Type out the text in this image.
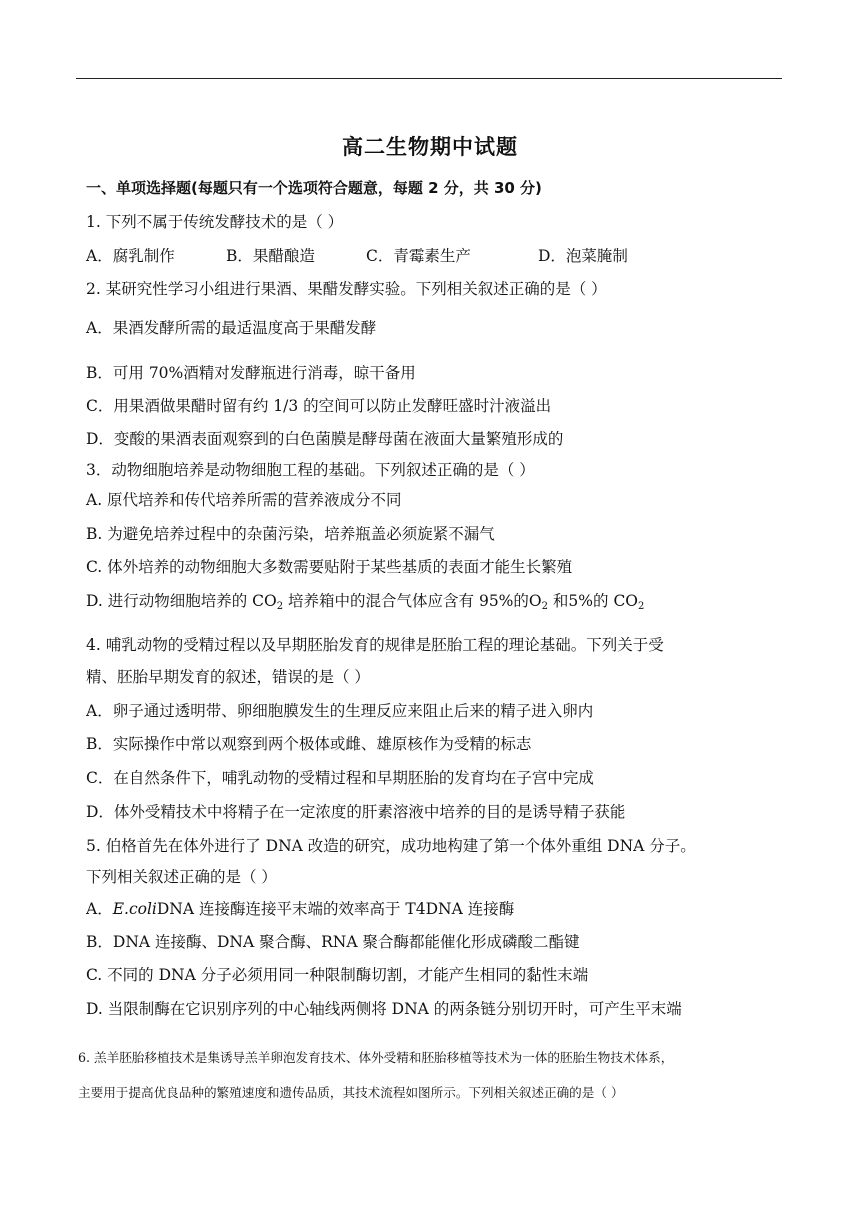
高二生物期中试题
一、单项选择题(每题只有一个选项符合题意，每题 2 分，共 30 分)
1. 下列不属于传统发酵技术的是（ ）
A．腐乳制作	B．果醋酿造	C．青霉素生产	D．泡菜腌制
2. 某研究性学习小组进行果酒、果醋发酵实验。下列相关叙述正确的是（ ）
A．果酒发酵所需的最适温度高于果醋发酵
B．可用 70%酒精对发酵瓶进行消毒，晾干备用
C．用果酒做果醋时留有约 1/3 的空间可以防止发酵旺盛时汁液溢出
D．变酸的果酒表面观察到的白色菌膜是酵母菌在液面大量繁殖形成的
3．动物细胞培养是动物细胞工程的基础。下列叙述正确的是（ ）
A. 原代培养和传代培养所需的营养液成分不同
B. 为避免培养过程中的杂菌污染，培养瓶盖必须旋紧不漏气
C. 体外培养的动物细胞大多数需要贴附于某些基质的表面才能生长繁殖
D. 进行动物细胞培养的 $CO_2$ 培养箱中的混合气体应含有 95%的$O_2$ 和5%的 $CO_2$
4. 哺乳动物的受精过程以及早期胚胎发育的规律是胚胎工程的理论基础。下列关于受
精、胚胎早期发育的叙述，错误的是（ ）
A．卵子通过透明带、卵细胞膜发生的生理反应来阻止后来的精子进入卵内
B．实际操作中常以观察到两个极体或雌、雄原核作为受精的标志
C．在自然条件下，哺乳动物的受精过程和早期胚胎的发育均在子宫中完成
D．体外受精技术中将精子在一定浓度的肝素溶液中培养的目的是诱导精子获能
5. 伯格首先在体外进行了 DNA 改造的研究，成功地构建了第一个体外重组 DNA 分子。
下列相关叙述正确的是（ ）
A．E.coliDNA 连接酶连接平末端的效率高于 T4DNA 连接酶
B．DNA 连接酶、DNA 聚合酶、RNA 聚合酶都能催化形成磷酸二酯键
C. 不同的 DNA 分子必须用同一种限制酶切割，才能产生相同的黏性末端
D. 当限制酶在它识别序列的中心轴线两侧将 DNA 的两条链分别切开时，可产生平末端
6. 羔羊胚胎移植技术是集诱导羔羊卵泡发育技术、体外受精和胚胎移植等技术为一体的胚胎生物技术体系，
主要用于提高优良品种的繁殖速度和遗传品质，其技术流程如图所示。下列相关叙述正确的是（ ）
